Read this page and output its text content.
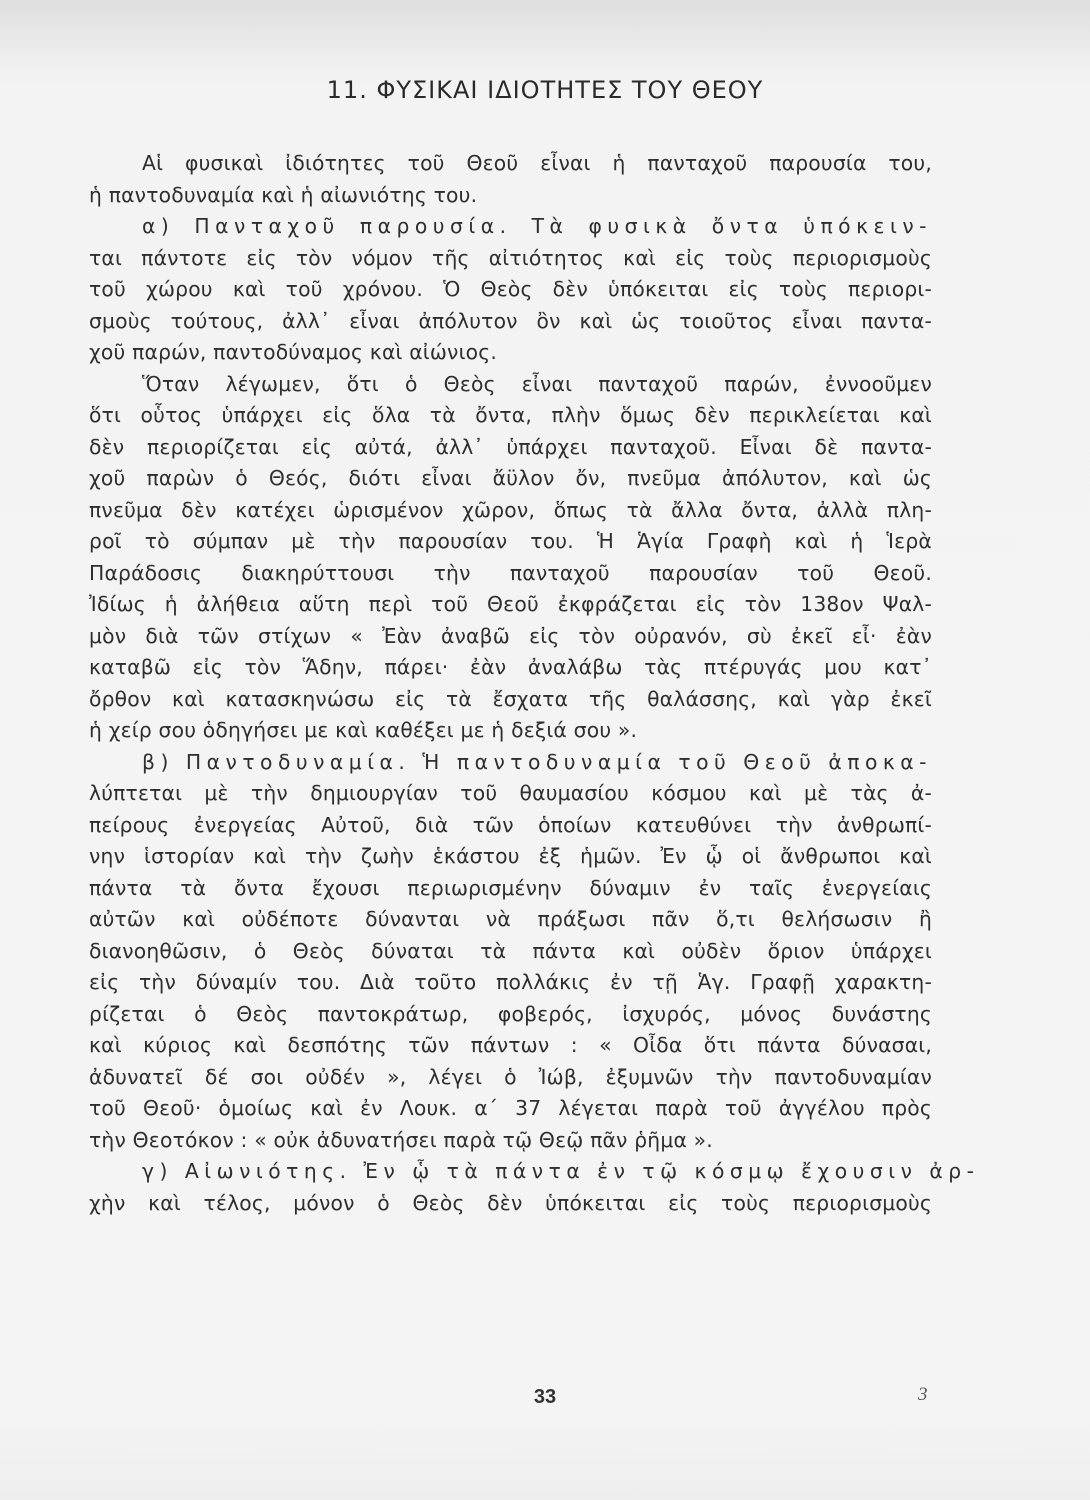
11. ΦΥΣΙΚΑΙ ΙΔΙΟΤΗΤΕΣ ΤΟΥ ΘΕΟΥ
Αἱ φυσικαὶ ἰδιότητες τοῦ Θεοῦ εἶναι ἡ πανταχοῦ παρουσία του,
ἡ παντοδυναμία καὶ ἡ αἰωνιότης του.
α) Πανταχοῦ παρουσία. Τὰ φυσικὰ ὄντα ὑπόκειν-
ται πάντοτε εἰς τὸν νόμον τῆς αἰτιότητος καὶ εἰς τοὺς περιορισμοὺς
τοῦ χώρου καὶ τοῦ χρόνου. Ὁ Θεὸς δὲν ὑπόκειται εἰς τοὺς περιορι-
σμοὺς τούτους, ἀλλ᾽ εἶναι ἀπόλυτον ὂν καὶ ὡς τοιοῦτος εἶναι παντα-
χοῦ παρών, παντοδύναμος καὶ αἰώνιος.
Ὅταν λέγωμεν, ὅτι ὁ Θεὸς εἶναι πανταχοῦ παρών, ἐννοοῦμεν
ὅτι οὗτος ὑπάρχει εἰς ὅλα τὰ ὄντα, πλὴν ὅμως δὲν περικλείεται καὶ
δὲν περιορίζεται εἰς αὐτά, ἀλλ᾽ ὑπάρχει πανταχοῦ. Εἶναι δὲ παντα-
χοῦ παρὼν ὁ Θεός, διότι εἶναι ἄϋλον ὄν, πνεῦμα ἀπόλυτον, καὶ ὡς
πνεῦμα δὲν κατέχει ὡρισμένον χῶρον, ὅπως τὰ ἄλλα ὄντα, ἀλλὰ πλη-
ροῖ τὸ σύμπαν μὲ τὴν παρουσίαν του. Ἡ Ἁγία Γραφὴ καὶ ἡ Ἱερὰ
Παράδοσις διακηρύττουσι τὴν πανταχοῦ παρουσίαν τοῦ Θεοῦ.
Ἰδίως ἡ ἀλήθεια αὕτη περὶ τοῦ Θεοῦ ἐκφράζεται εἰς τὸν 138ον Ψαλ-
μὸν διὰ τῶν στίχων « Ἐὰν ἀναβῶ εἰς τὸν οὐρανόν, σὺ ἐκεῖ εἶ· ἐὰν
καταβῶ εἰς τὸν Ἅδην, πάρει· ἐὰν ἀναλάβω τὰς πτέρυγάς μου κατ᾽
ὄρθον καὶ κατασκηνώσω εἰς τὰ ἔσχατα τῆς θαλάσσης, καὶ γὰρ ἐκεῖ
ἡ χείρ σου ὁδηγήσει με καὶ καθέξει με ἡ δεξιά σου ».
β) Παντοδυναμία. Ἡ παντοδυναμία τοῦ Θεοῦ ἀποκα-
λύπτεται μὲ τὴν δημιουργίαν τοῦ θαυμασίου κόσμου καὶ μὲ τὰς ἀ-
πείρους ἐνεργείας Αὐτοῦ, διὰ τῶν ὁποίων κατευθύνει τὴν ἀνθρωπί-
νην ἱστορίαν καὶ τὴν ζωὴν ἑκάστου ἐξ ἡμῶν. Ἐν ᾧ οἱ ἄνθρωποι καὶ
πάντα τὰ ὄντα ἔχουσι περιωρισμένην δύναμιν ἐν ταῖς ἐνεργείαις
αὐτῶν καὶ οὐδέποτε δύνανται νὰ πράξωσι πᾶν ὅ,τι θελήσωσιν ἢ
διανοηθῶσιν, ὁ Θεὸς δύναται τὰ πάντα καὶ οὐδὲν ὅριον ὑπάρχει
εἰς τὴν δύναμίν του. Διὰ τοῦτο πολλάκις ἐν τῇ Ἁγ. Γραφῇ χαρακτη-
ρίζεται ὁ Θεὸς παντοκράτωρ, φοβερός, ἰσχυρός, μόνος δυνάστης
καὶ κύριος καὶ δεσπότης τῶν πάντων : « Οἶδα ὅτι πάντα δύνασαι,
ἀδυνατεῖ δέ σοι οὐδέν », λέγει ὁ Ἰώβ, ἐξυμνῶν τὴν παντοδυναμίαν
τοῦ Θεοῦ· ὁμοίως καὶ ἐν Λουκ. α´ 37 λέγεται παρὰ τοῦ ἀγγέλου πρὸς
τὴν Θεοτόκον : « οὐκ ἀδυνατήσει παρὰ τῷ Θεῷ πᾶν ῥῆμα ».
γ) Αἰωνιότης. Ἐν ᾧ τὰ πάντα ἐν τῷ κόσμῳ ἔχουσιν ἀρ-
χὴν καὶ τέλος, μόνον ὁ Θεὸς δὲν ὑπόκειται εἰς τοὺς περιορισμοὺς
33	3
